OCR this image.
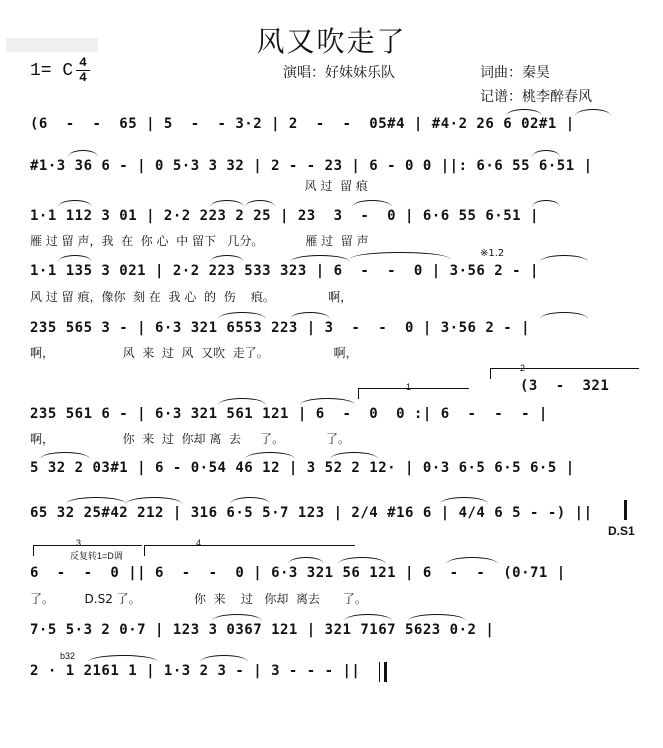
风又吹走了
1= C 4
4	演唱：好妹妹乐队	词曲：秦昊
记谱：桃李醉春风
(6  -  -  65 | 5  -  - 3·2 | 2  -  -  05#4 | #4·2 26 6 02#1 |
#1·3 36 6 - | 0 5·3 3 32 | 2 - - 23 | 6 - 0 0 ||: 6·6 55 6·51 |
风 过  留 痕
1·1 112 3 01 | 2·2 223 2 25 | 23  3  -  0 | 6·6 55 6·51 |
雁 过 留 声，我  在  你 心  中 留下   几分。           雁 过  留 声
1·1 135 3 021 | 2·2 223 533 323 | 6  -  -  0 | 3·56 2 - |
风 过 留 痕，像你  刻 在  我 心  的  伤    痕。              啊，
※1.2
235 565 3 - | 6·3 321 6553 223 | 3  -  -  0 | 3·56 2 - |
啊，                  风  来  过  风  又吹  走了。                 啊，
1
2
(3  -  321
235 561 6 - | 6·3 321 561 121 | 6  -  0  0 :| 6  -  -  - |
啊，                  你  来  过  你却 离  去     了。           了。
5 32 2 03#1 | 6 - 0·54 46 12 | 3 52 2 12· | 0·3 6·5 6·5 6·5 |
65 32 25#42 212 | 316 6·5 5·7 123 | 2/4 #16 6 | 4/4 6 5 - -) ||
D.S1
3
反复转1=D调
4
6  -  -  0 || 6  -  -  0 | 6·3 321 56 121 | 6  -  -  (0·71 |
了。        D.S2 了。              你  来    过   你却  离去      了。
7·5 5·3 2 0·7 | 123 3 0367 121 | 321 7167 5623 0·2 |
2 · 1 2161 1 | 1·3 2 3 - | 3 - - - ||
b32
